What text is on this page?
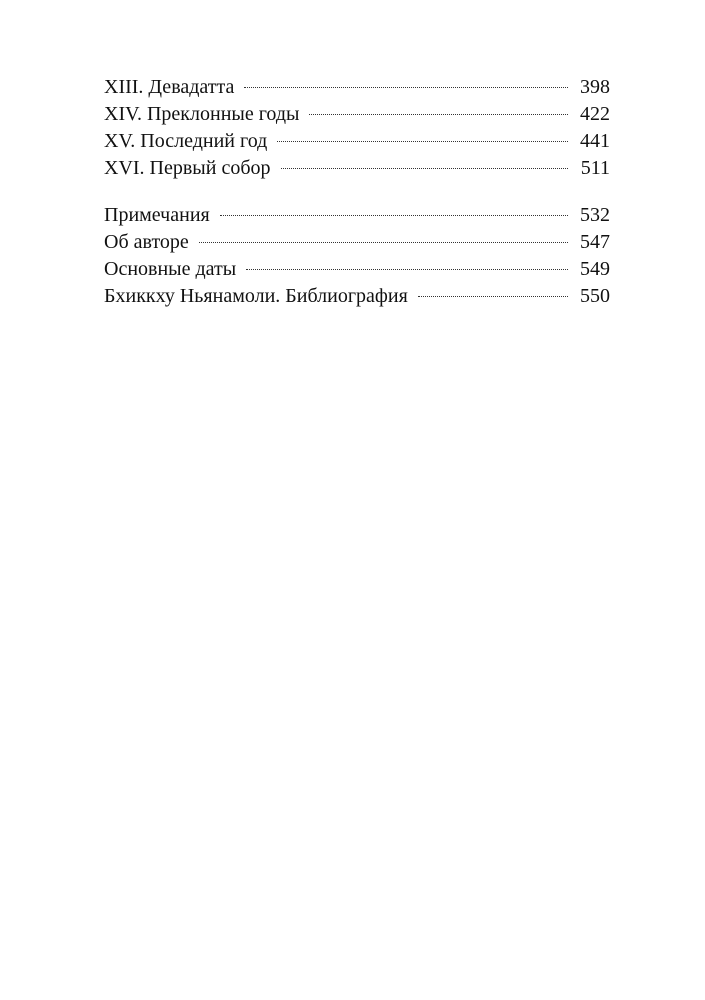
XIII. Девадатта	398
XIV. Преклонные годы	422
XV. Последний год	441
XVI. Первый собор	511
Примечания	532
Об авторе	547
Основные даты	549
Бхиккху Ньянамоли. Библиография	550
